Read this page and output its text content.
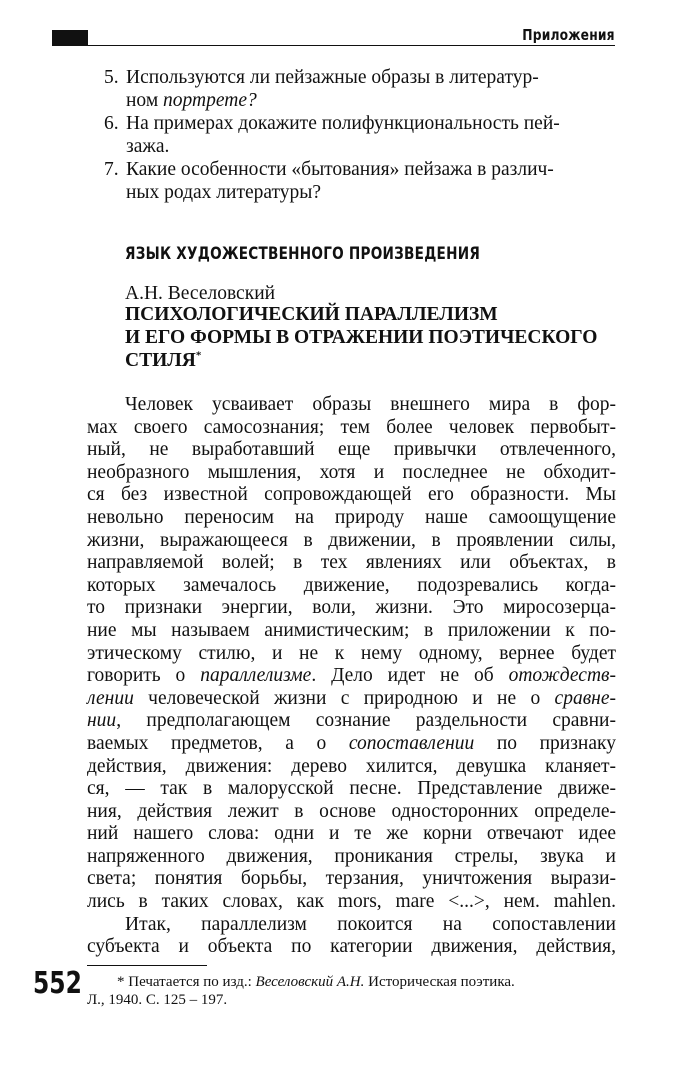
Приложения
5. Используются ли пейзажные образы в литератур-
ном портрете?
6. На примерах докажите полифункциональность пей-
зажа.
7. Какие особенности «бытования» пейзажа в различ-
ных родах литературы?
ЯЗЫК ХУДОЖЕСТВЕННОГО ПРОИЗВЕДЕНИЯ
А.Н. Веселовский
ПСИХОЛОГИЧЕСКИЙ ПАРАЛЛЕЛИЗМ
И ЕГО ФОРМЫ В ОТРАЖЕНИИ ПОЭТИЧЕСКОГО
СТИЛЯ*
Человек усваивает образы внешнего мира в фор-
мах своего самосознания; тем более человек первобыт-
ный, не выработавший еще привычки отвлеченного,
необразного мышления, хотя и последнее не обходит-
ся без известной сопровождающей его образности. Мы
невольно переносим на природу наше самоощущение
жизни, выражающееся в движении, в проявлении силы,
направляемой волей; в тех явлениях или объектах, в
которых замечалось движение, подозревались когда-
то признаки энергии, воли, жизни. Это миросозерца-
ние мы называем анимистическим; в приложении к по-
этическому стилю, и не к нему одному, вернее будет
говорить о параллелизме. Дело идет не об отождеств-
лении человеческой жизни с природною и не о сравне-
нии, предполагающем сознание раздельности сравни-
ваемых предметов, а о сопоставлении по признаку
действия, движения: дерево хилится, девушка кланяет-
ся, — так в малорусской песне. Представление движе-
ния, действия лежит в основе односторонних определе-
ний нашего слова: одни и те же корни отвечают идее
напряженного движения, проникания стрелы, звука и
света; понятия борьбы, терзания, уничтожения вырази-
лись в таких словах, как mors, mare <...>, нем. mahlen.
Итак, параллелизм покоится на сопоставлении
субъекта и объекта по категории движения, действия,
552	* Печатается по изд.: Веселовский А.Н. Историческая поэтика.
Л., 1940. С. 125 – 197.
